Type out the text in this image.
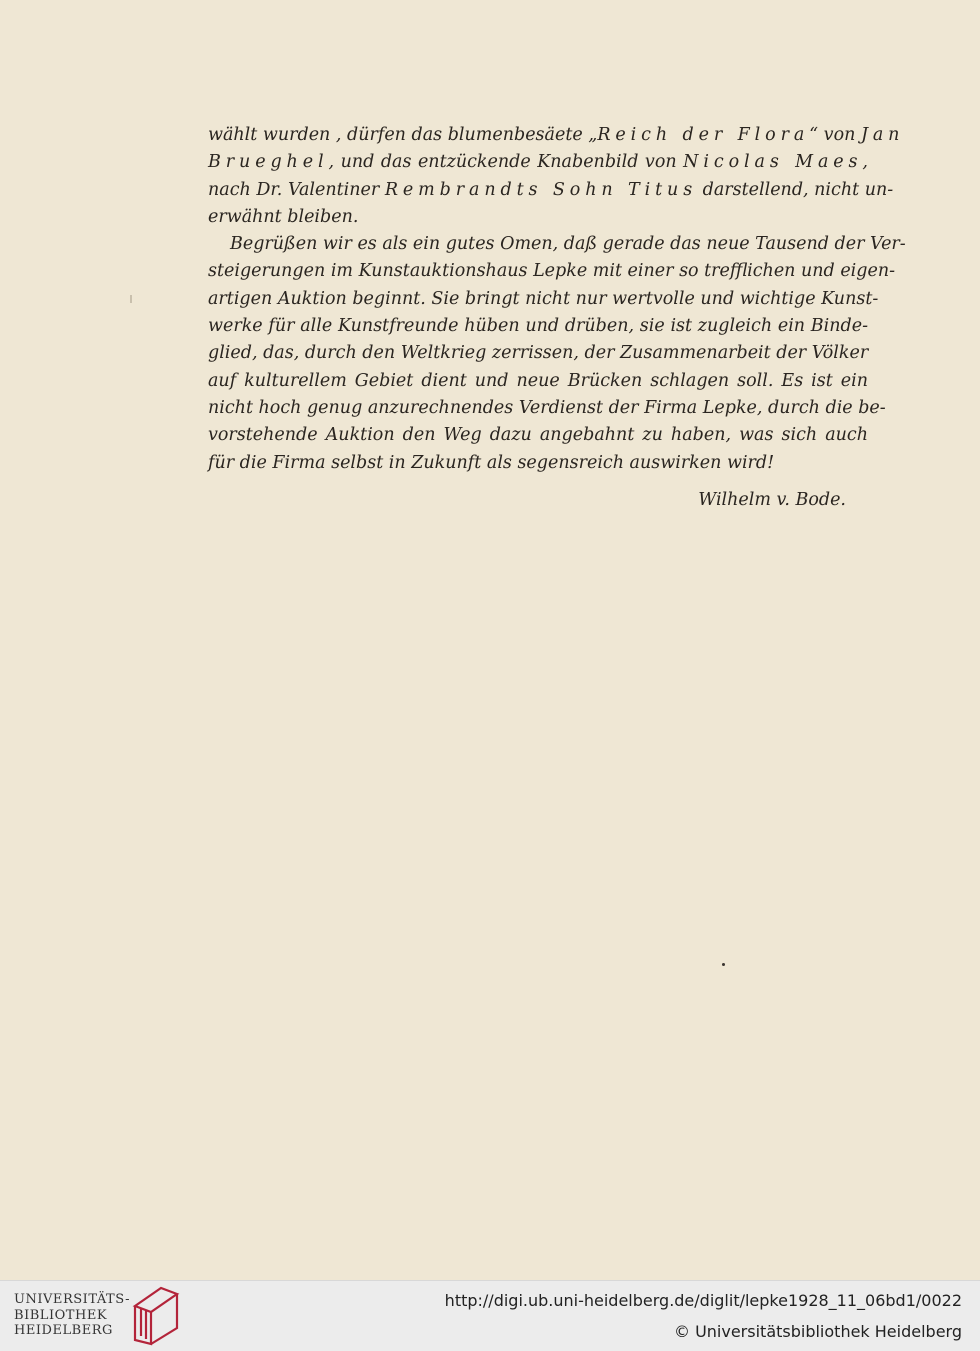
wählt wurden , dürfen das blumenbesäete „Reich der Flora“ von Jan
Brueghel, und das entzückende Knabenbild von Nicolas Maes,
nach Dr. Valentiner Rembrandts Sohn Titus darstellend, nicht un-
erwähnt bleiben.
Begrüßen wir es als ein gutes Omen, daß gerade das neue Tausend der Ver-
steigerungen im Kunstauktionshaus Lepke mit einer so trefflichen und eigen-
artigen Auktion beginnt. Sie bringt nicht nur wertvolle und wichtige Kunst-
werke für alle Kunstfreunde hüben und drüben, sie ist zugleich ein Binde-
glied, das, durch den Weltkrieg zerrissen, der Zusammenarbeit der Völker
auf kulturellem Gebiet dient und neue Brücken schlagen soll. Es ist ein
nicht hoch genug anzurechnendes Verdienst der Firma Lepke, durch die be-
vorstehende Auktion den Weg dazu angebahnt zu haben, was sich auch
für die Firma selbst in Zukunft als segensreich auswirken wird!
Wilhelm v. Bode.
UNIVERSITÄTS-
BIBLIOTHEK
HEIDELBERG
http://digi.ub.uni-heidelberg.de/diglit/lepke1928_11_06bd1/0022
© Universitätsbibliothek Heidelberg
